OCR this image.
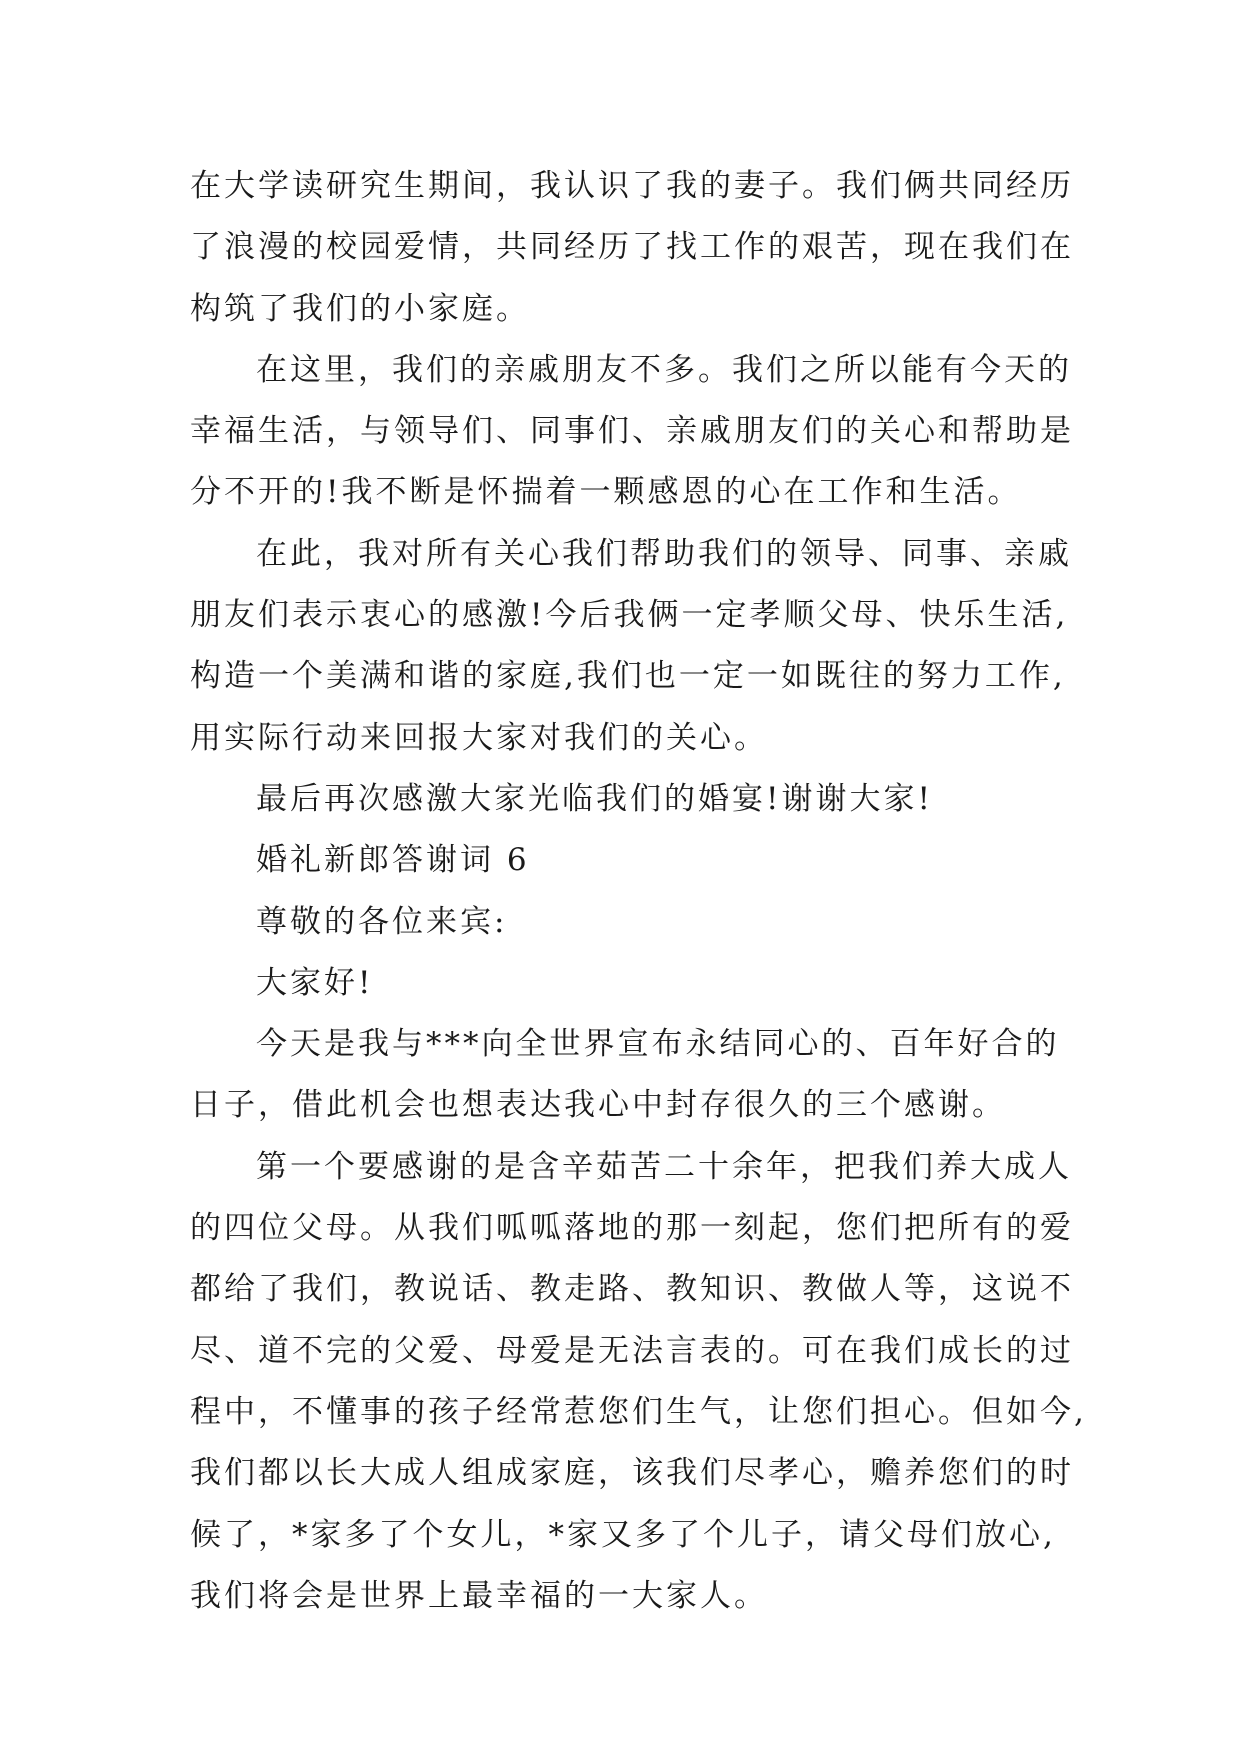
在大学读研究生期间，我认识了我的妻子。我们俩共同经历

了浪漫的校园爱情，共同经历了找工作的艰苦，现在我们在

构筑了我们的小家庭。

在这里，我们的亲戚朋友不多。我们之所以能有今天的

幸福生活，与领导们、同事们、亲戚朋友们的关心和帮助是

分不开的!我不断是怀揣着一颗感恩的心在工作和生活。

在此，我对所有关心我们帮助我们的领导、同事、亲戚

朋友们表示衷心的感激!今后我俩一定孝顺父母、快乐生活,

构造一个美满和谐的家庭,我们也一定一如既往的努力工作,

用实际行动来回报大家对我们的关心。

最后再次感激大家光临我们的婚宴!谢谢大家!

婚礼新郎答谢词 6

尊敬的各位来宾:

大家好!

今天是我与***向全世界宣布永结同心的、百年好合的

日子，借此机会也想表达我心中封存很久的三个感谢。

第一个要感谢的是含辛茹苦二十余年，把我们养大成人

的四位父母。从我们呱呱落地的那一刻起，您们把所有的爱

都给了我们，教说话、教走路、教知识、教做人等，这说不

尽、道不完的父爱、母爱是无法言表的。可在我们成长的过

程中，不懂事的孩子经常惹您们生气，让您们担心。但如今,

我们都以长大成人组成家庭，该我们尽孝心，赡养您们的时

候了，*家多了个女儿，*家又多了个儿子，请父母们放心,

我们将会是世界上最幸福的一大家人。
